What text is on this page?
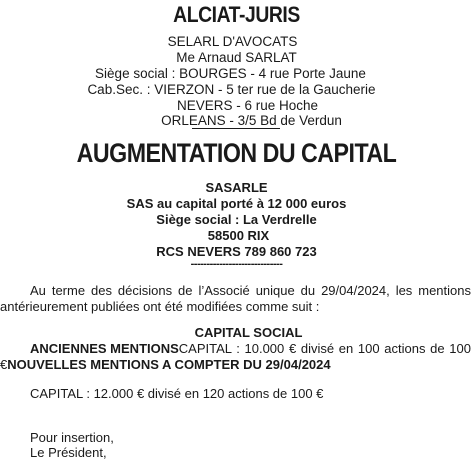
ALCIAT-JURIS
SELARL D'AVOCATS
Me Arnaud SARLAT
Siège social : BOURGES - 4 rue Porte Jaune
Cab.Sec. : VIERZON - 5 ter rue de la Gaucherie
NEVERS - 6 rue Hoche
ORLEANS - 3/5 Bd de Verdun
AUGMENTATION DU CAPITAL
SASARLE
SAS au capital porté à 12 000 euros
Siège social : La Verdrelle
58500 RIX
RCS NEVERS 789 860 723
-----------------------------
Au terme des décisions de l’Associé unique du 29/04/2024, les mentions
antérieurement publiées ont été modifiées comme suit :
CAPITAL SOCIAL
ANCIENNES MENTIONS CAPITAL : 10.000 € divisé en 100 actions de 100
€NOUVELLES MENTIONS A COMPTER DU 29/04/2024
CAPITAL : 12.000 € divisé en 120 actions de 100 €
Pour insertion,
Le Président,
